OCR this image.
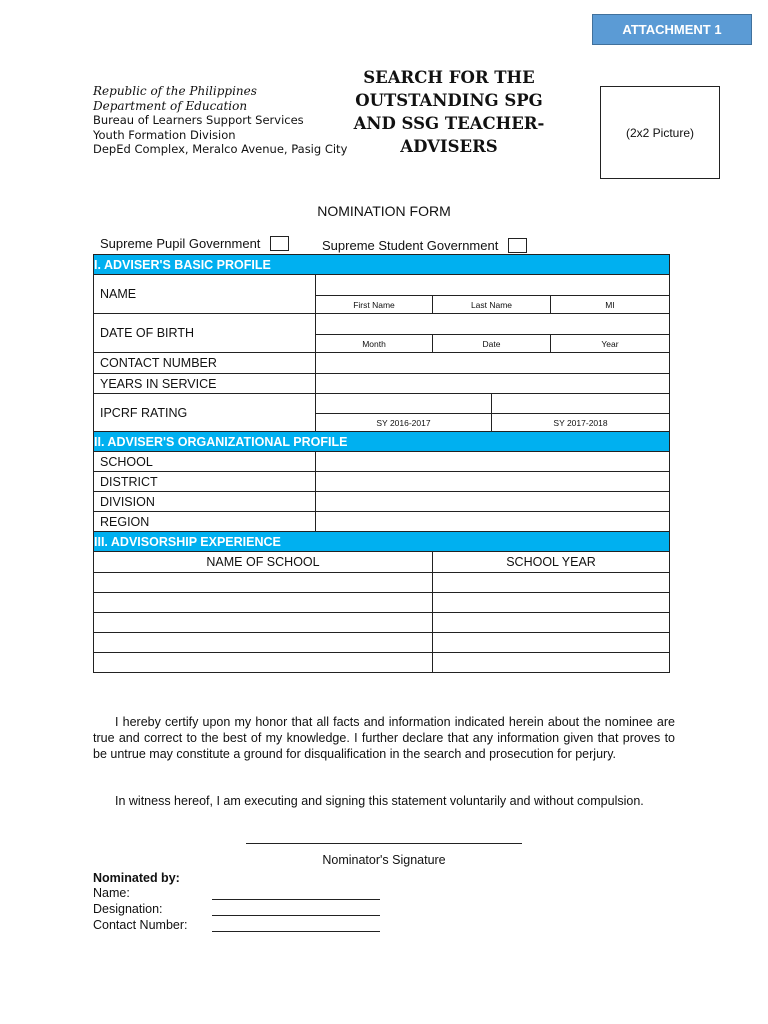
ATTACHMENT 1
Republic of the Philippines
Department of Education
Bureau of Learners Support Services
Youth Formation Division
DepEd Complex, Meralco Avenue, Pasig City
SEARCH FOR THE
OUTSTANDING SPG
AND SSG TEACHER-
ADVISERS
(2x2 Picture)
NOMINATION FORM
Supreme Pupil Government	Supreme Student Government
I. ADVISER'S BASIC PROFILE				
NAME				
	First Name	Last Name		MI
DATE OF BIRTH				
	Month	Date		Year
CONTACT NUMBER				
YEARS IN SERVICE				
IPCRF RATING				
	SY 2016-2017		SY 2017-2018	
II. ADVISER'S ORGANIZATIONAL PROFILE				
SCHOOL				
DISTRICT				
DIVISION				
REGION				
III. ADVISORSHIP EXPERIENCE				
NAME OF SCHOOL		SCHOOL YEAR		

I hereby certify upon my honor that all facts and information indicated herein about the nominee are true and correct to the best of my knowledge. I further declare that any information given that proves to be untrue may constitute a ground for disqualification in the search and prosecution for perjury.
In witness hereof, I am executing and signing this statement voluntarily and without compulsion.
Nominator's Signature
Nominated by:
Name:
Designation:
Contact Number:
